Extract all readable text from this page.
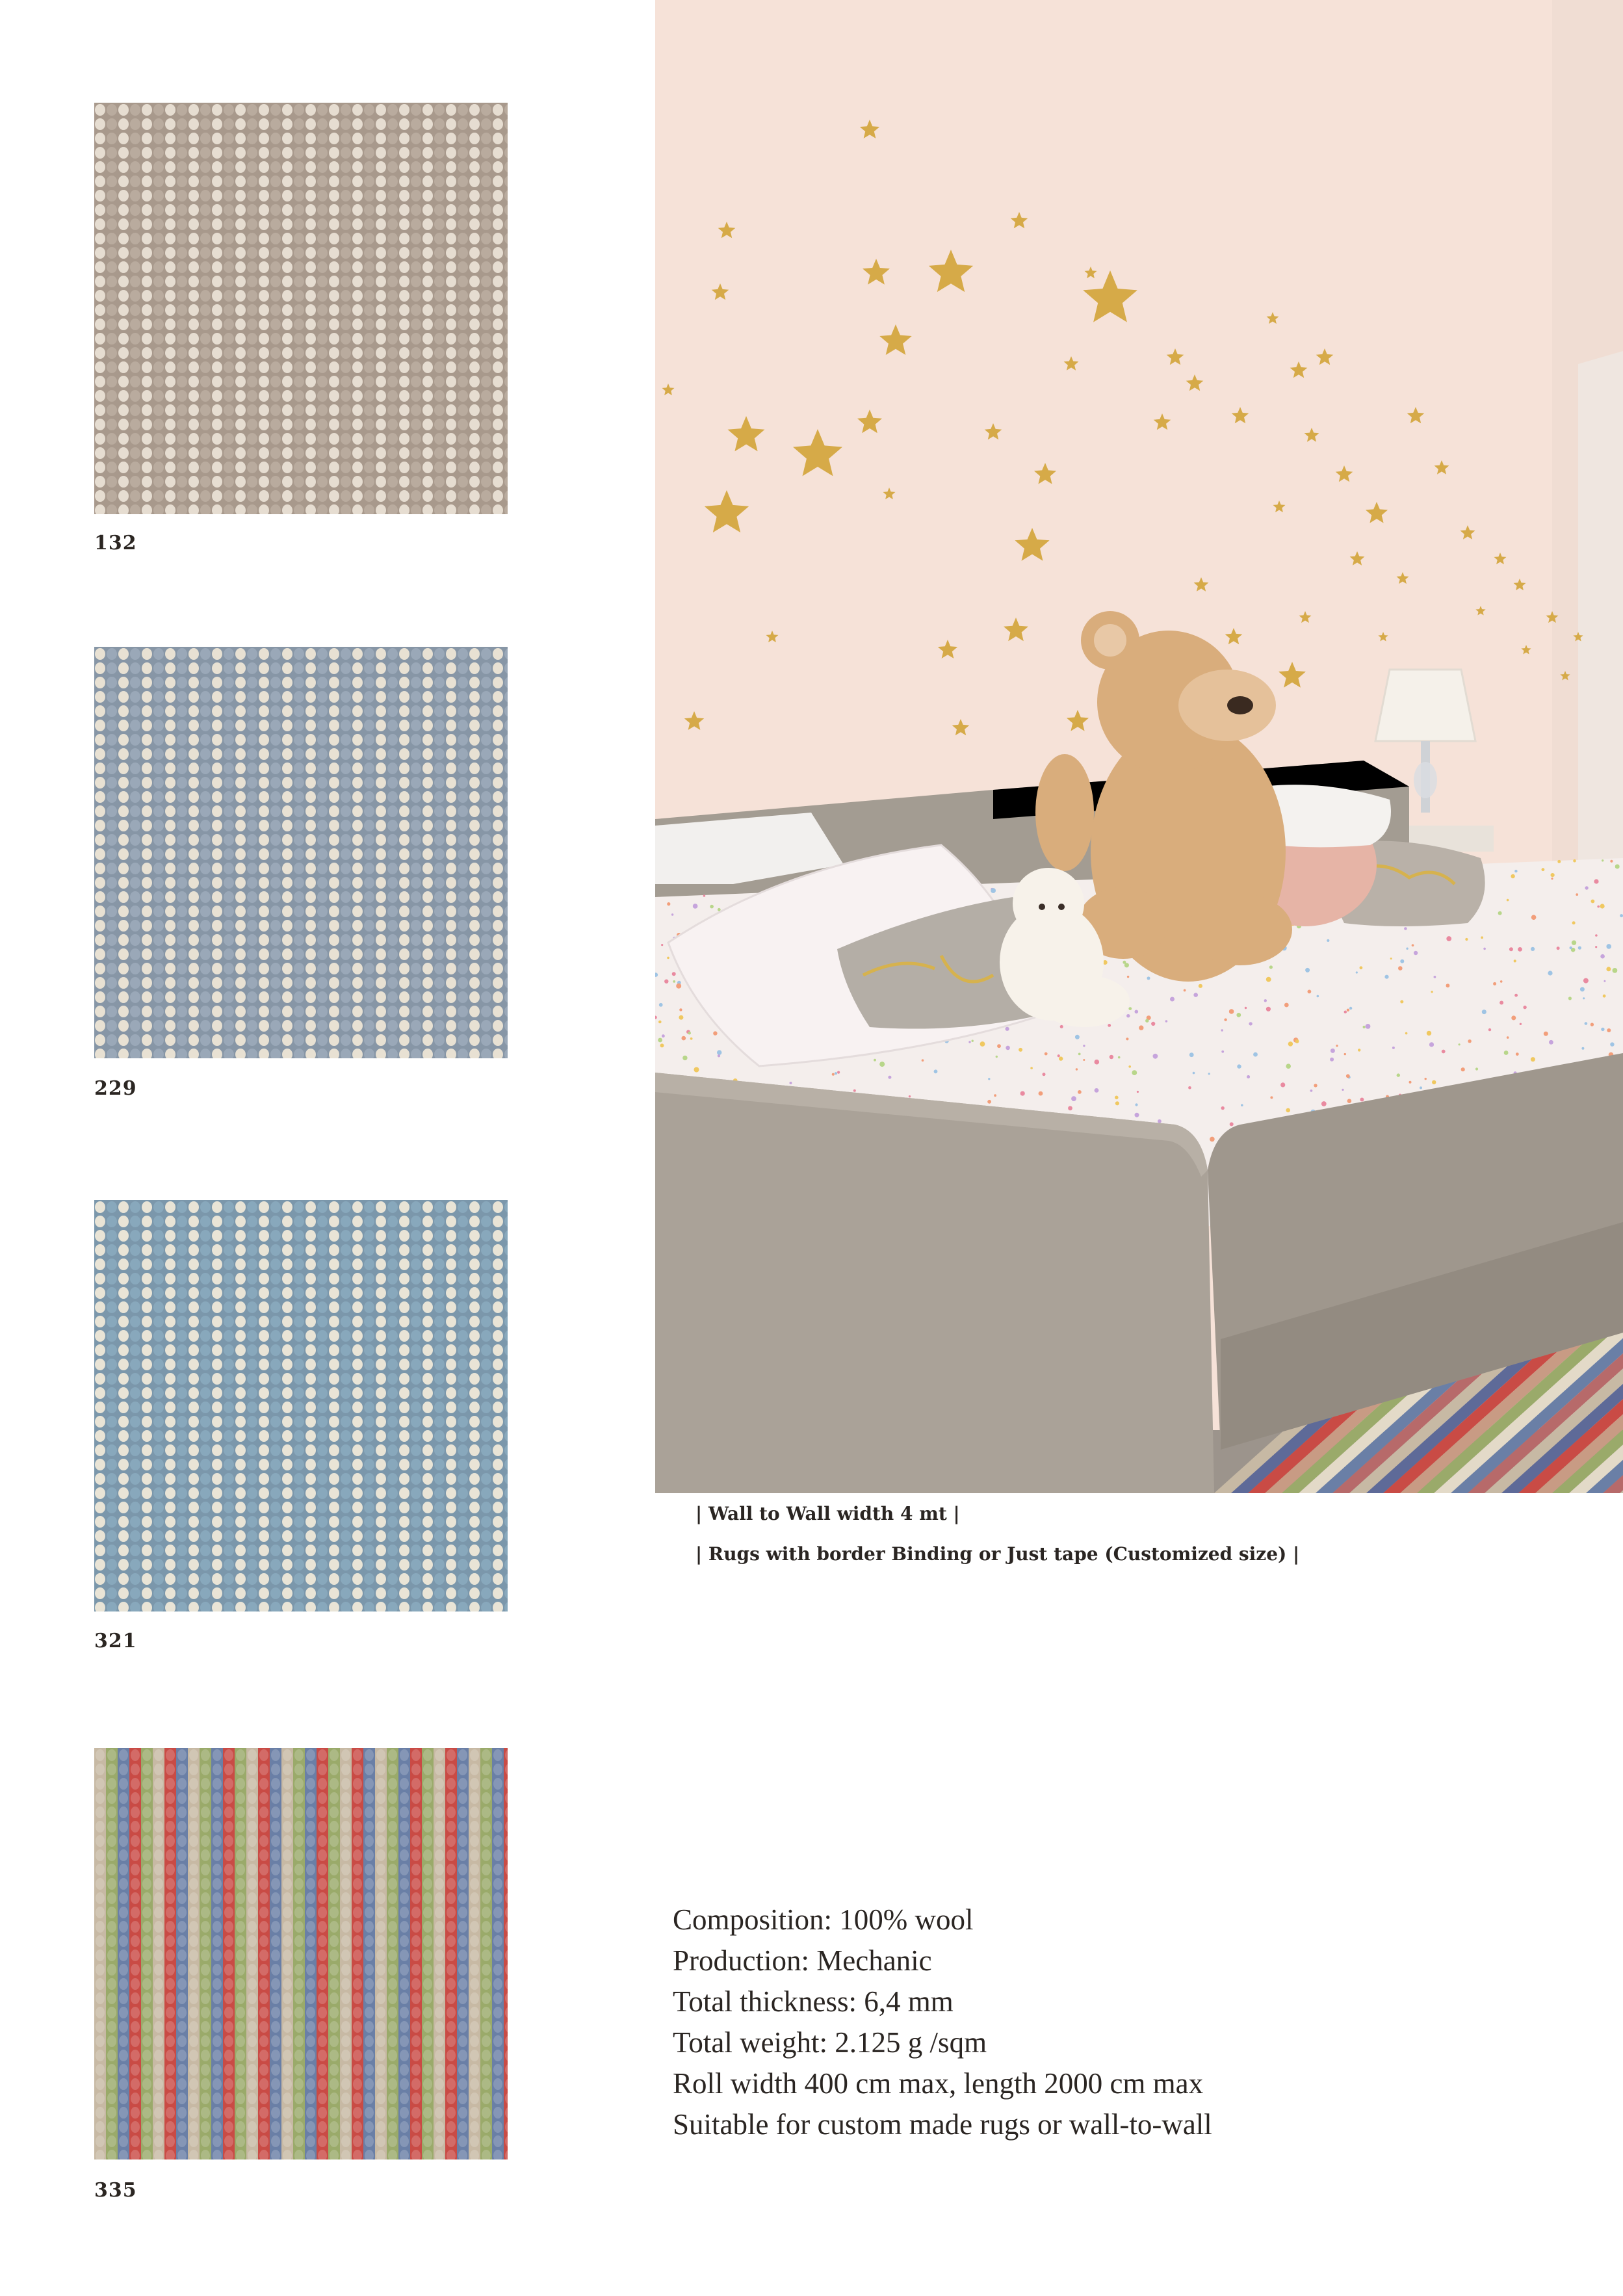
132
229
321
335
| Wall to Wall width 4 mt |
| Rugs with border Binding or Just tape (Customized size) |
Composition: 100% wool
Production: Mechanic
Total thickness: 6,4 mm
Total weight: 2.125 g /sqm
Roll width 400 cm max, length 2000 cm max
Suitable for custom made rugs or wall-to-wall
